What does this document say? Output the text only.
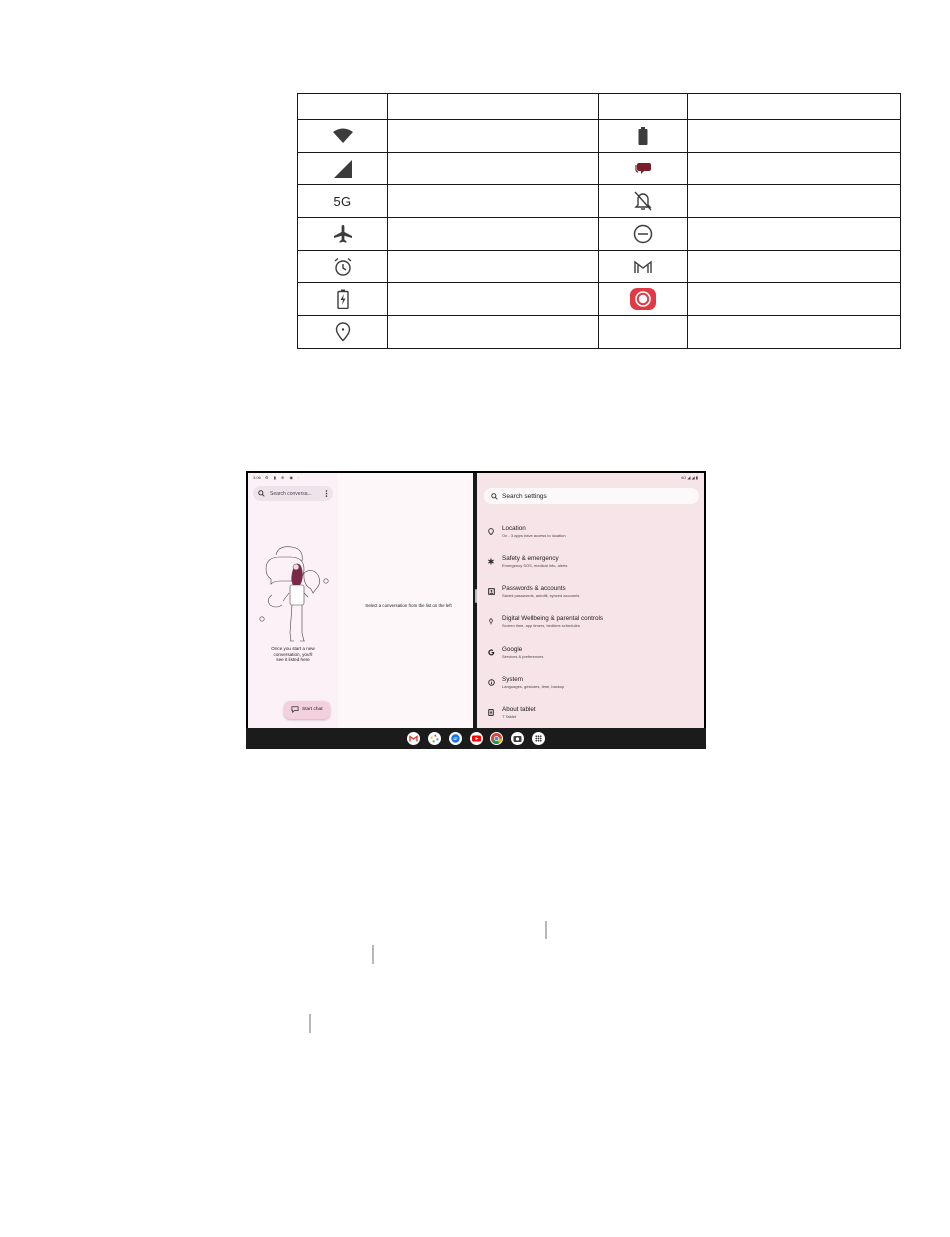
5G		

3:06  ⚙ ▮ ⊕ ◉ ·
Search conversa...
Once you start a new
conversation, you'll
see it listed here
Start chat
Select a conversation from the list on the left
4G ◢ ◢ ▮
Search settings
Location
On - 3 apps have access to location
Safety & emergency
Emergency SOS, medical info, alerts
Passwords & accounts
Saved passwords, autofill, synced accounts
Digital Wellbeing & parental controls
Screen time, app timers, bedtime schedules
Google
Services & preferences
System
Languages, gestures, time, backup
About tablet
T Tablet
